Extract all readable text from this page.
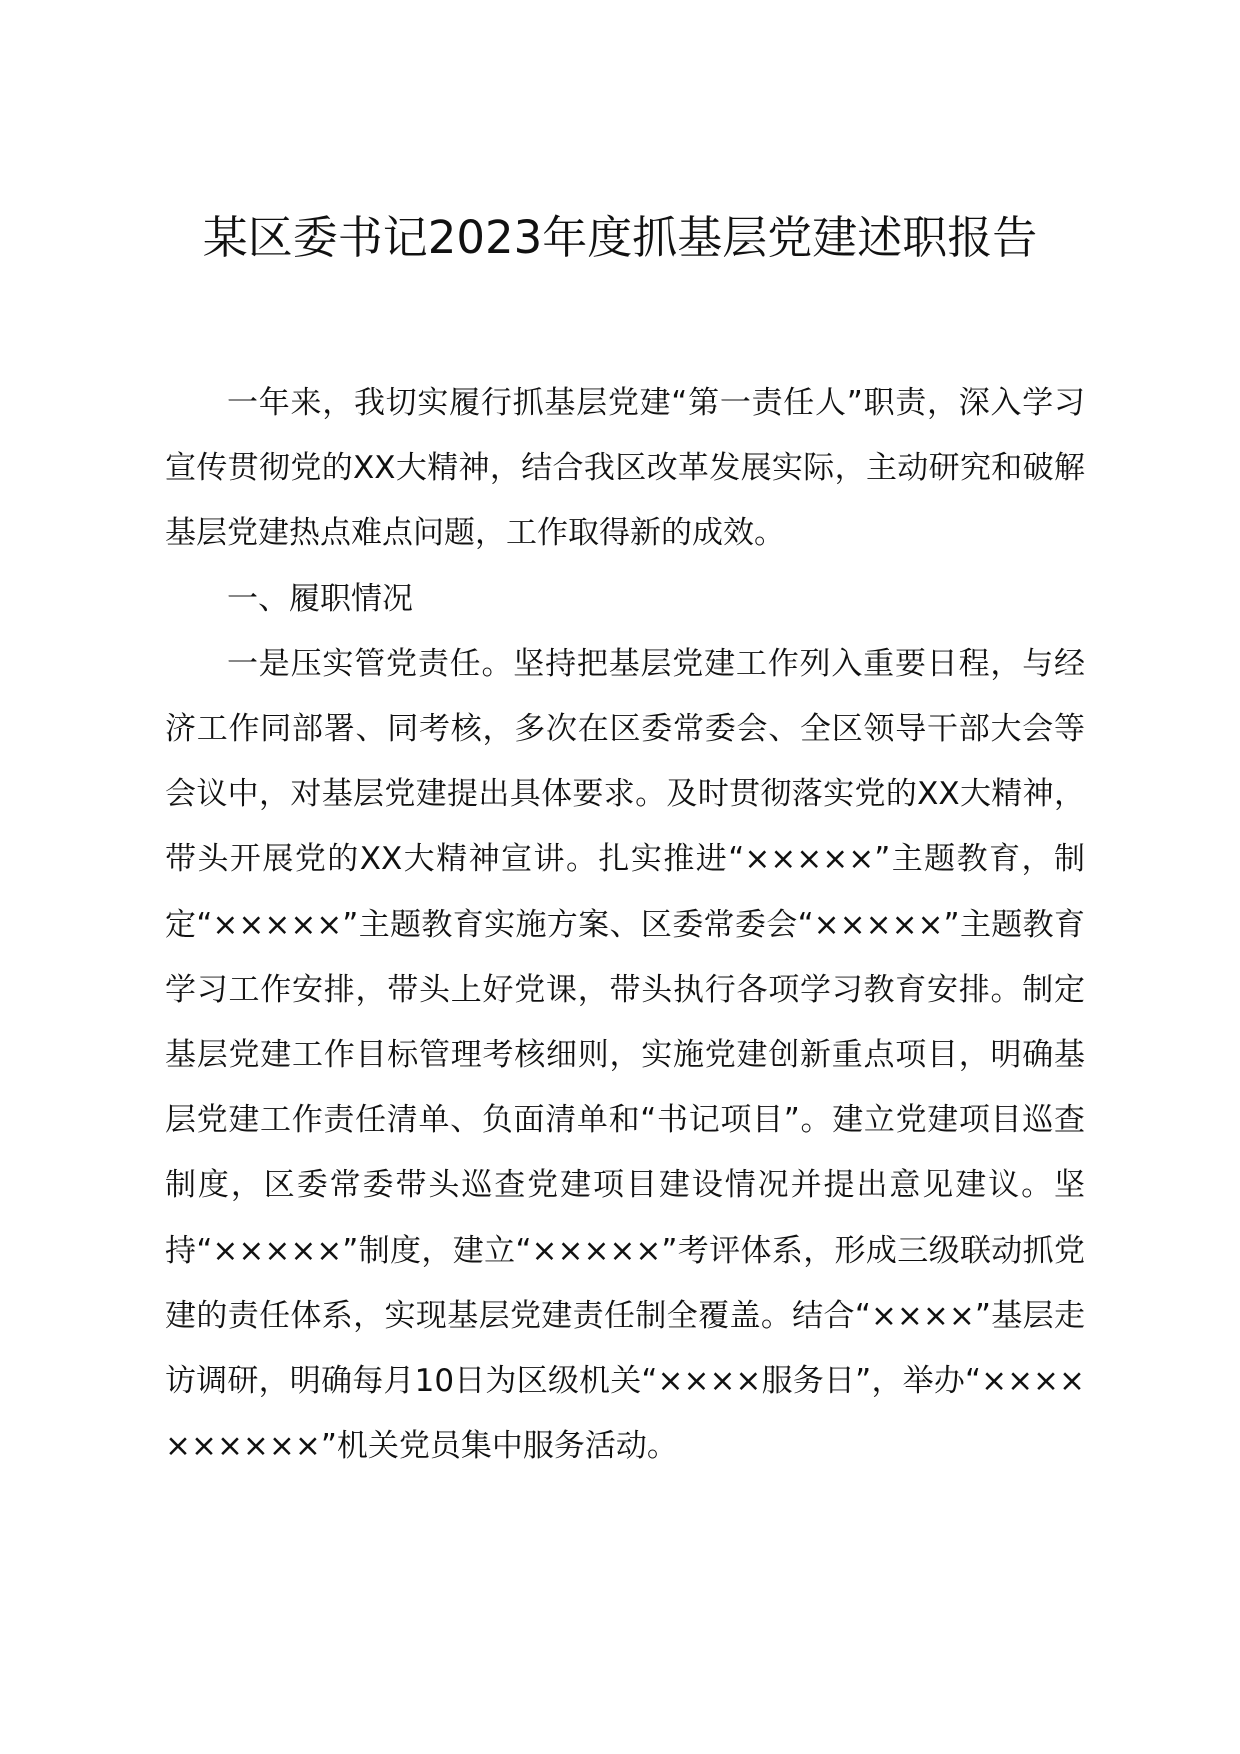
某区委书记2023年度抓基层党建述职报告

一年来，我切实履行抓基层党建“第一责任人”职责，深入学习宣传贯彻党的XX大精神，结合我区改革发展实际，主动研究和破解基层党建热点难点问题，工作取得新的成效。

一、履职情况

一是压实管党责任。坚持把基层党建工作列入重要日程，与经济工作同部署、同考核，多次在区委常委会、全区领导干部大会等会议中，对基层党建提出具体要求。及时贯彻落实党的XX大精神，带头开展党的XX大精神宣讲。扎实推进“×××××”主题教育，制定“×××××”主题教育实施方案、区委常委会“×××××”主题教育学习工作安排，带头上好党课，带头执行各项学习教育安排。制定基层党建工作目标管理考核细则，实施党建创新重点项目，明确基层党建工作责任清单、负面清单和“书记项目”。建立党建项目巡查制度，区委常委带头巡查党建项目建设情况并提出意见建议。坚持“×××××”制度，建立“×××××”考评体系，形成三级联动抓党建的责任体系，实现基层党建责任制全覆盖。结合“××××”基层走访调研，明确每月10日为区级机关“××××服务日”，举办“××××××××××”机关党员集中服务活动。
